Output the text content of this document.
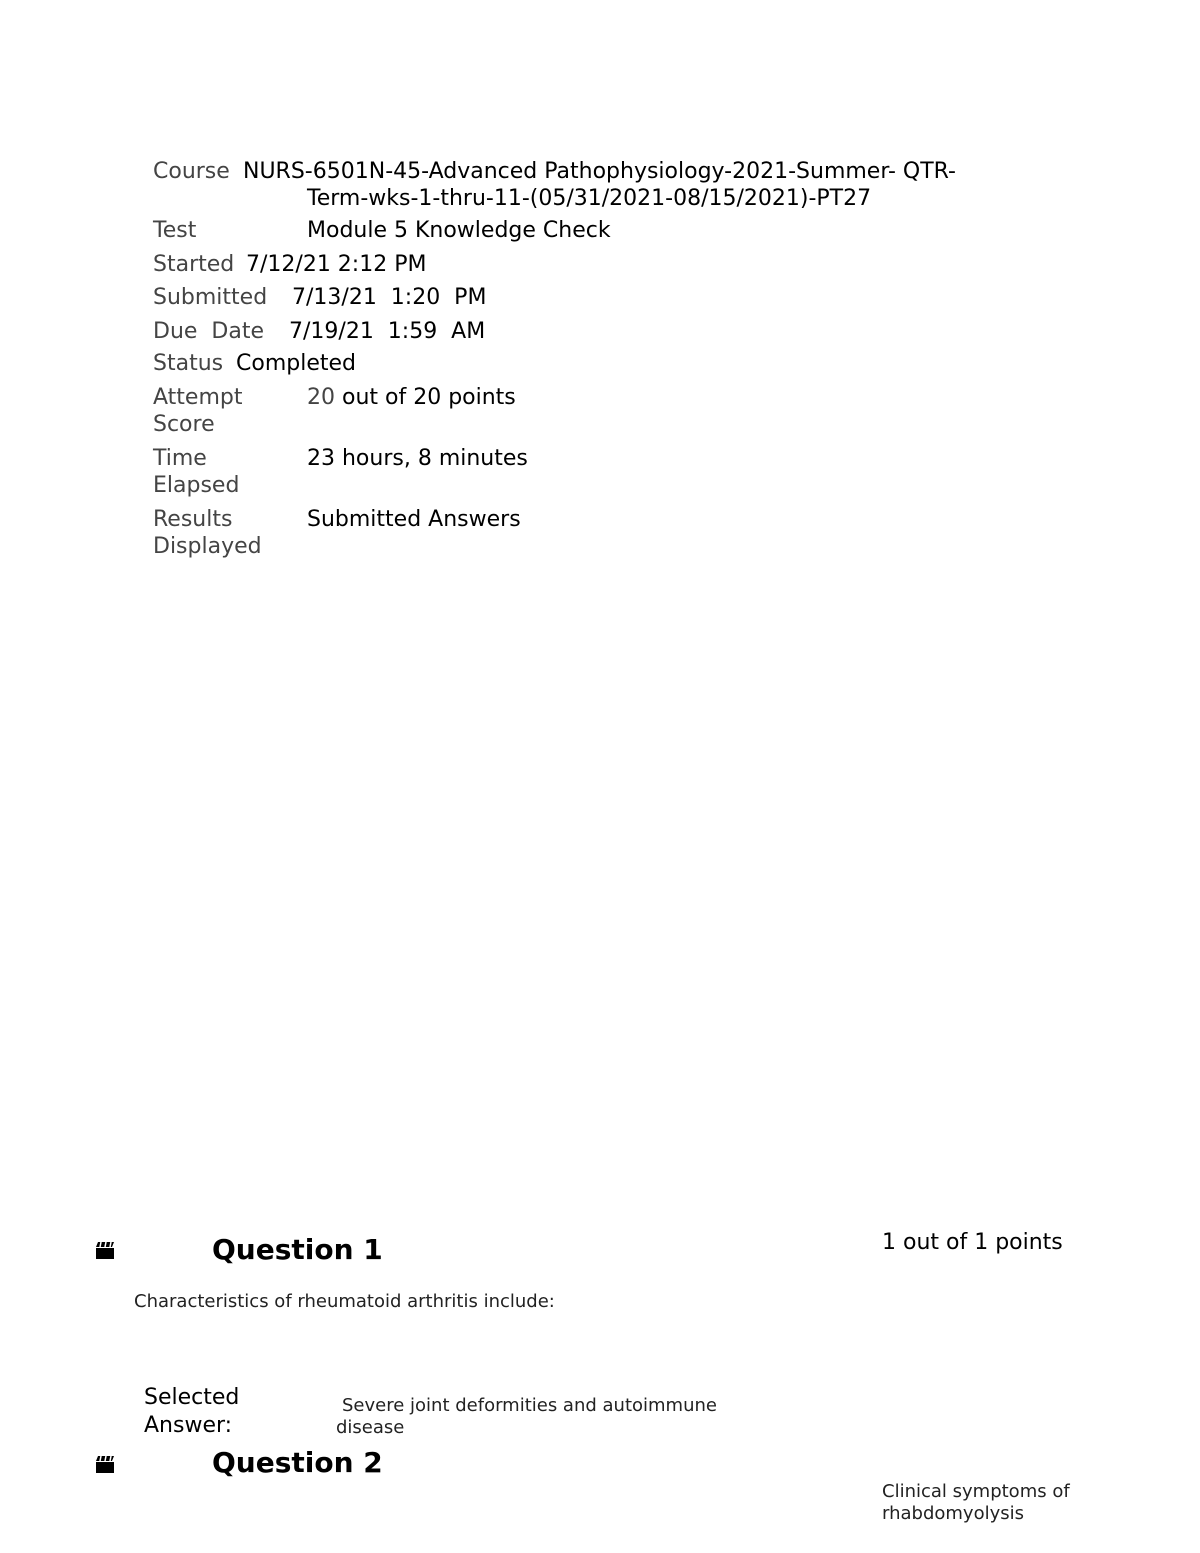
Course NURS-6501N-45-Advanced Pathophysiology-2021-Summer- QTR-
Term-wks-1-thru-11-(05/31/2021-08/15/2021)-PT27
Test	Module 5 Knowledge Check
Started 7/12/21 2:12 PM
Submitted 7/13/21  1:20  PM
Due  Date 7/19/21  1:59  AM
Status Completed
Attempt
Score
20 out of 20 points
Time
Elapsed
23 hours, 8 minutes
Results
Displayed
Submitted Answers
Question 1	1 out of 1 points
Characteristics of rheumatoid arthritis include:
Selected
Answer:
Severe joint deformities and autoimmune disease
Question 2
Clinical symptoms of rhabdomyolysis
